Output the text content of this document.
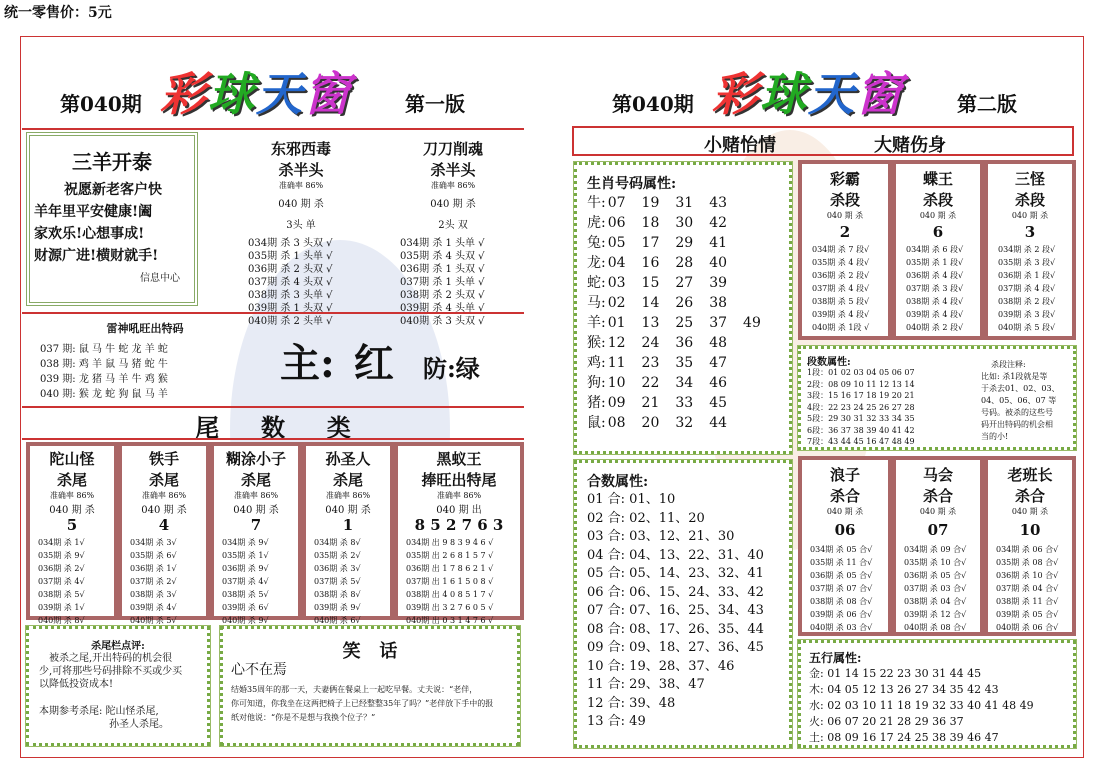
统一零售价：5元
第040期 彩球天窗	第一版
三羊开泰
祝愿新老客户快
羊年里平安健康!阖
家欢乐!心想事成!
财源广进!横财就手!
信息中心
东邪西毒
杀半头
准确率 86%
040 期 杀
3头 单
034期 杀 3 头双 √
035期 杀 1 头单 √
036期 杀 2 头双 √
037期 杀 4 头双 √
038期 杀 3 头单 √
039期 杀 1 头双 √
040期 杀 2 头单 √
刀刀削魂
杀半头
准确率 86%
040 期 杀
2头 双
034期 杀 1 头单 √
035期 杀 4 头双 √
036期 杀 1 头双 √
037期 杀 1 头单 √
038期 杀 2 头双 √
039期 杀 4 头单 √
040期 杀 3 头双 √
雷神吼旺出特码
037 期: 鼠 马 牛 蛇 龙 羊 蛇
038 期: 鸡 羊 鼠 马 猪 蛇 牛
039 期: 龙 猪 马 羊 牛 鸡 猴
040 期: 猴 龙 蛇 狗 鼠 马 羊
主: 红 防:绿
尾     数     类
陀山怪
杀尾
准确率 86%
040 期 杀
5
034期 杀 1√
035期 杀 9√
036期 杀 2√
037期 杀 4√
038期 杀 5√
039期 杀 1√
040期 杀 8√
铁手
杀尾
准确率 86%
040 期 杀
4
034期 杀 3√
035期 杀 6√
036期 杀 1√
037期 杀 2√
038期 杀 3√
039期 杀 4√
040期 杀 5√
糊涂小子
杀尾
准确率 86%
040 期 杀
7
034期 杀 9√
035期 杀 1√
036期 杀 9√
037期 杀 4√
038期 杀 5√
039期 杀 6√
040期 杀 9√
孙圣人
杀尾
准确率 86%
040 期 杀
1
034期 杀 8√
035期 杀 2√
036期 杀 3√
037期 杀 5√
038期 杀 8√
039期 杀 9√
040期 杀 6√
黑蚁王
捧旺出特尾
准确率 86%
040 期 出
8 5 2 7 6 3
034期 出 9 8 3 9 4 6 √
035期 出 2 6 8 1 5 7 √
036期 出 1 7 8 6 2 1 √
037期 出 1 6 1 5 0 8 √
038期 出 4 0 8 5 1 7 √
039期 出 3 2 7 6 0 5 √
040期 出 0 3 1 4 7 6 √
杀尾栏点评:
被杀之尾,开出特码的机会很
少,可将那些号码排除不买或少买
以降低投资成本!
本期参考杀尾: 陀山怪杀尾,
孙圣人杀尾。
笑   话
心不在焉
结婚35周年的那一天，夫妻俩在餐桌上一起吃早餐。丈夫说：“老伴，
你可知道，你我坐在这两把椅子上已经整整35年了吗？”老伴放下手中的报
纸对他说：“你是不是想与我换个位子？”
第040期 彩球天窗	第二版
小赌怡情	大赌伤身
生肖号码属性:
牛:	07	19	31	43	
虎:	06	18	30	42	
兔:	05	17	29	41	
龙:	04	16	28	40	
蛇:	03	15	27	39	
马:	02	14	26	38	
羊:	01	13	25	37	49
猴:	12	24	36	48	
鸡:	11	23	35	47	
狗:	10	22	34	46	
猪:	09	21	33	45	
鼠:	08	20	32	44	
彩霸
杀段
040 期 杀
2
034期 杀 7 段√
035期 杀 4 段√
036期 杀 2 段√
037期 杀 4 段√
038期 杀 5 段√
039期 杀 4 段√
040期 杀 1段 √
蝶王
杀段
040 期 杀
6
034期 杀 6 段√
035期 杀 1 段√
036期 杀 4 段√
037期 杀 3 段√
038期 杀 4 段√
039期 杀 4 段√
040期 杀 2 段√
三怪
杀段
040 期 杀
3
034期 杀 2 段√
035期 杀 3 段√
036期 杀 1 段√
037期 杀 4 段√
038期 杀 2 段√
039期 杀 3 段√
040期 杀 5 段√
段数属性:
1段：01 02 03 04 05 06 07
2段：08 09 10 11 12 13 14
3段：15 16 17 18 19 20 21
4段：22 23 24 25 26 27 28
5段：29 30 31 32 33 34 35
6段：36 37 38 39 40 41 42
7段：43 44 45 16 47 48 49
杀段注释:
比如: 杀1段就是等
于杀去01、02、03、
04、05、06、07 等
号码。被杀的这些号
码开出特码的机会相
当的小!
合数属性:
01 合: 01、10
02 合: 02、11、20
03 合: 03、12、21、30
04 合: 04、13、22、31、40
05 合: 05、14、23、32、41
06 合: 06、15、24、33、42
07 合: 07、16、25、34、43
08 合: 08、17、26、35、44
09 合: 09、18、27、36、45
10 合: 19、28、37、46
11 合: 29、38、47
12 合: 39、48
13 合: 49
浪子
杀合
040 期 杀
06
034期 杀 05 合√
035期 杀 11 合√
036期 杀 05 合√
037期 杀 07 合√
038期 杀 08 合√
039期 杀 06 合√
040期 杀 03 合√
马会
杀合
040 期 杀
07
034期 杀 09 合√
035期 杀 10 合√
036期 杀 05 合√
037期 杀 03 合√
038期 杀 04 合√
039期 杀 12 合√
040期 杀 08 合√
老班长
杀合
040 期 杀
10
034期 杀 06 合√
035期 杀 08 合√
036期 杀 10 合√
037期 杀 04 合√
038期 杀 11 合√
039期 杀 05 合√
040期 杀 06 合√
五行属性:
金: 01 14 15 22 23 30 31 44 45
木: 04 05 12 13 26 27 34 35 42 43
水: 02 03 10 11 18 19 32 33 40 41 48 49
火: 06 07 20 21 28 29 36 37
土: 08 09 16 17 24 25 38 39 46 47
